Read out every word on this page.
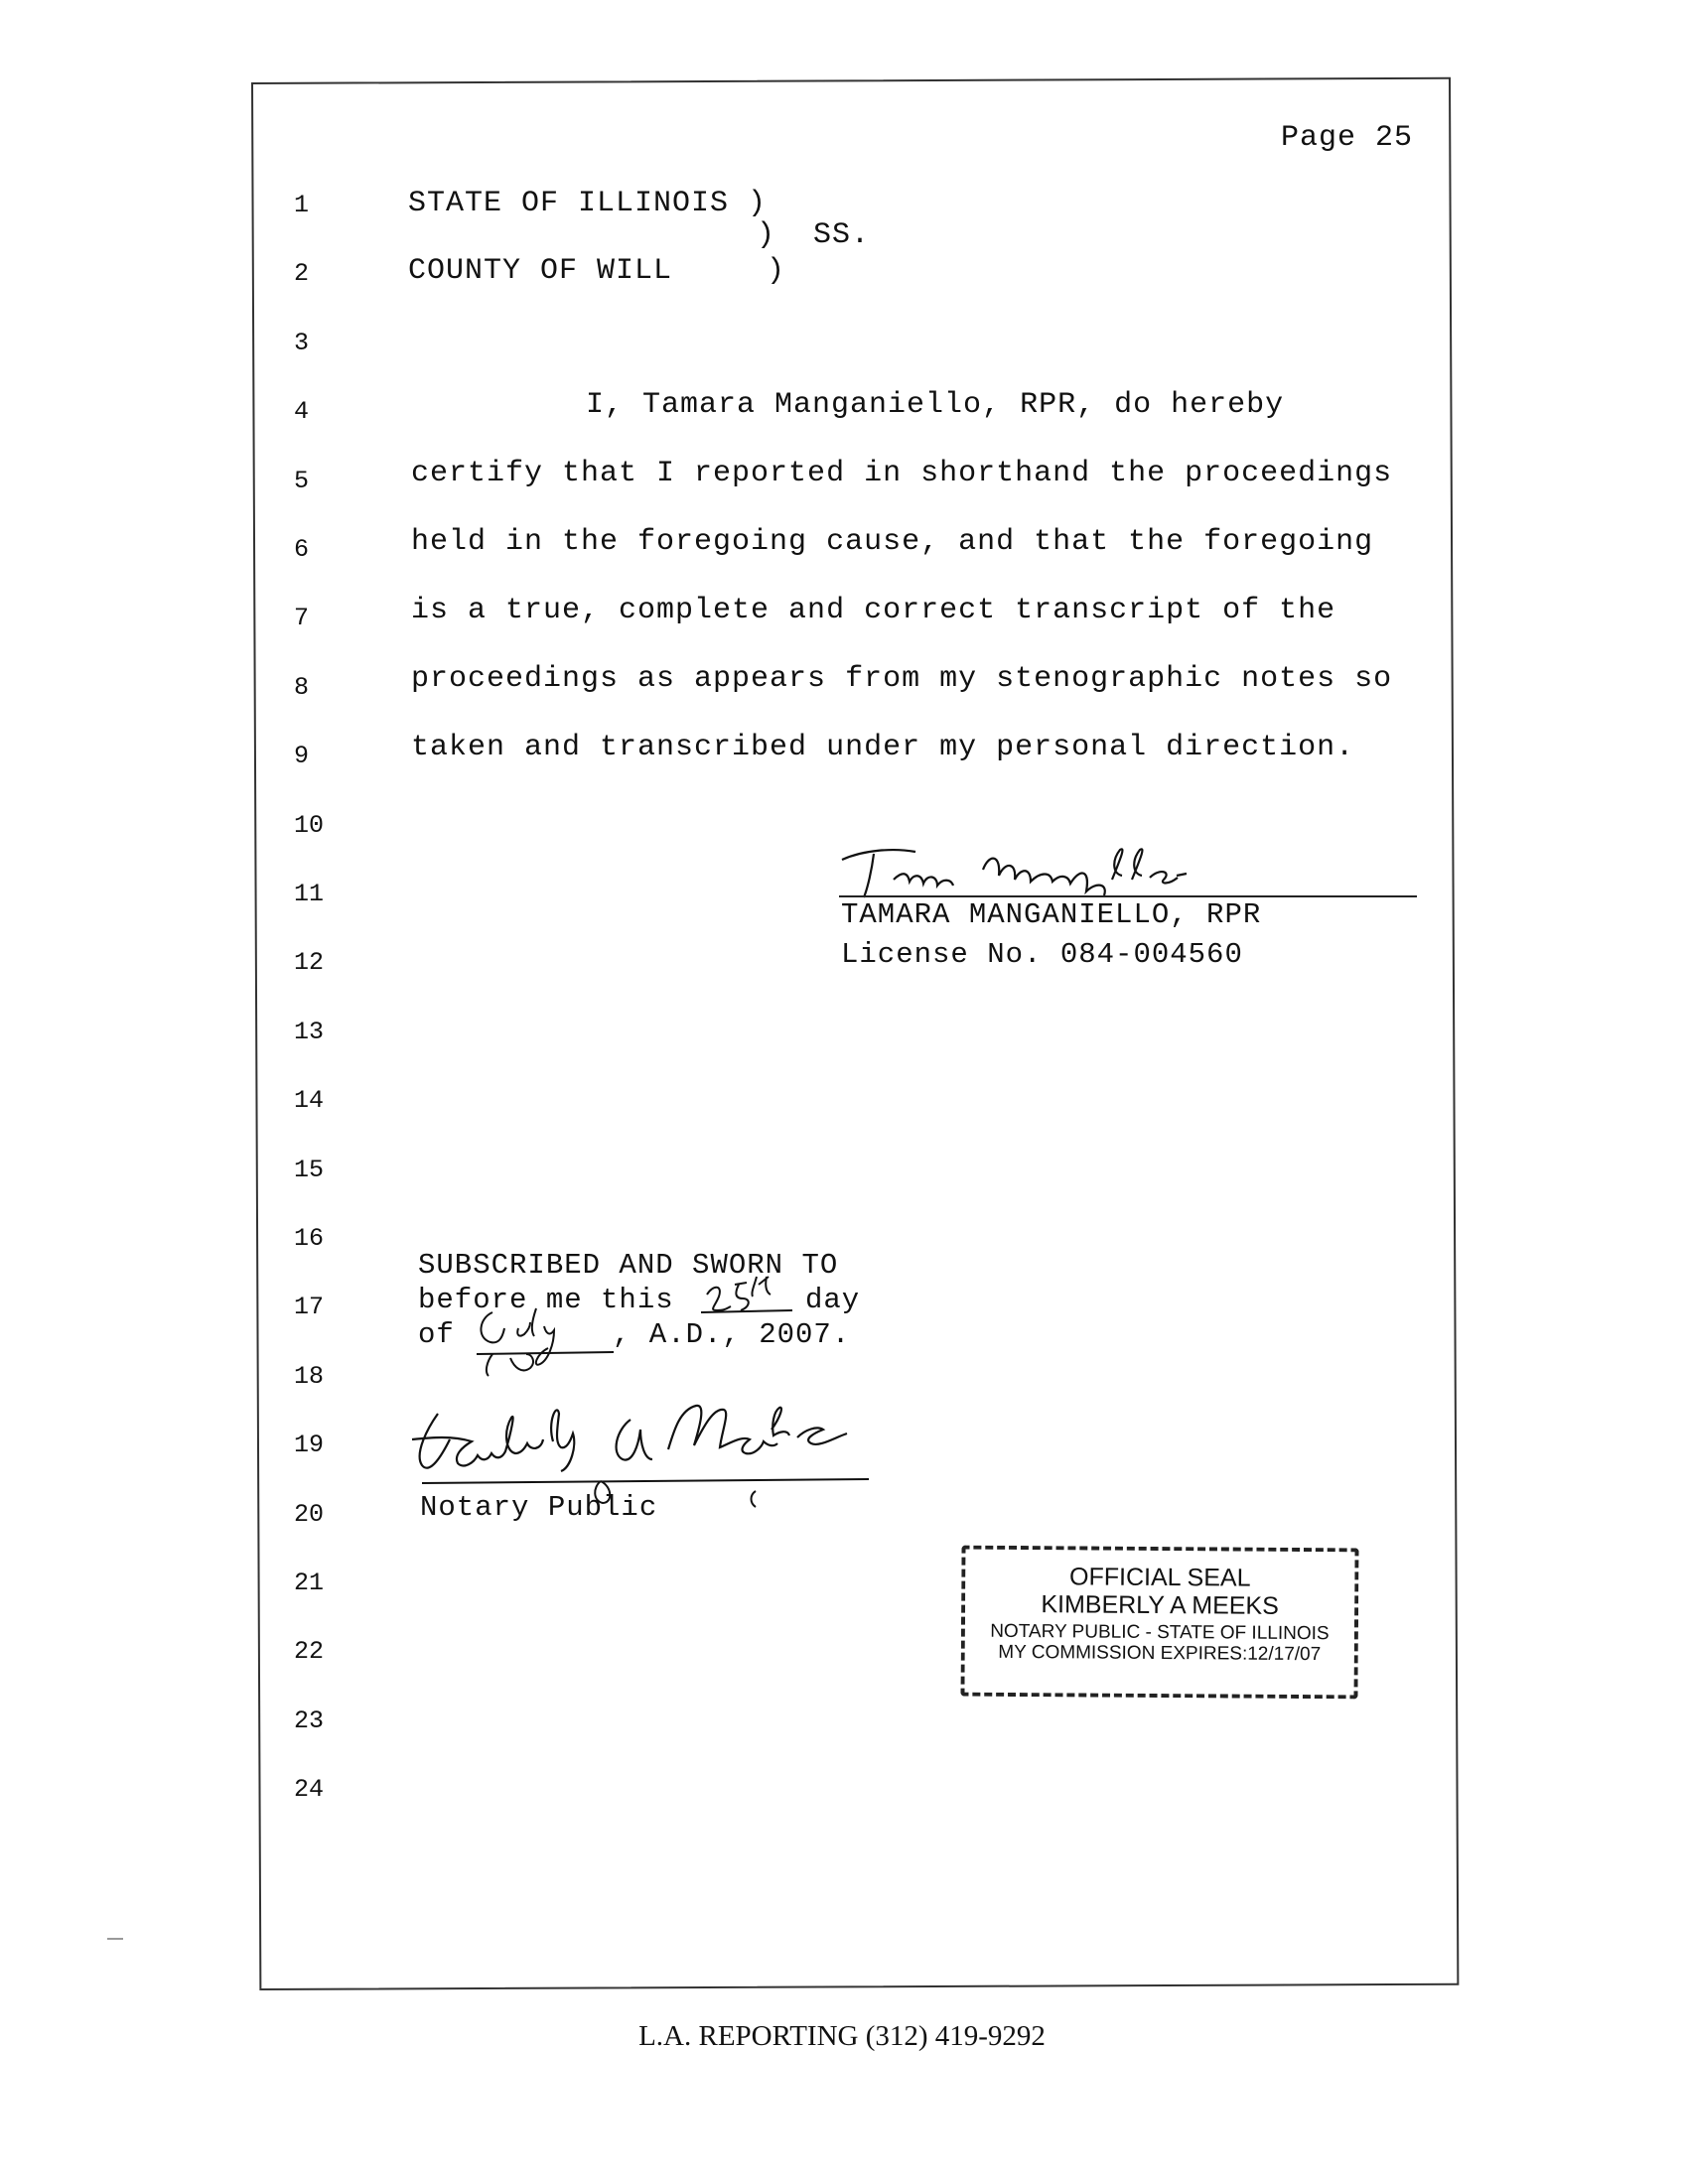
Page 25
1
2
3
4
5
6
7
8
9
10
11
12
13
14
15
16
17
18
19
20
21
22
23
24
STATE OF ILLINOIS )
)  SS.
COUNTY OF WILL     )
I, Tamara Manganiello, RPR, do hereby
certify that I reported in shorthand the proceedings
held in the foregoing cause, and that the foregoing
is a true, complete and correct transcript of the
proceedings as appears from my stenographic notes so
taken and transcribed under my personal direction.
TAMARA MANGANIELLO, RPR
License No. 084-004560
SUBSCRIBED AND SWORN TO
before me this	day
of	, A.D., 2007.
Notary Public
OFFICIAL SEAL
KIMBERLY A MEEKS
NOTARY PUBLIC - STATE OF ILLINOIS
MY COMMISSION EXPIRES:12/17/07
L.A. REPORTING (312) 419-9292
